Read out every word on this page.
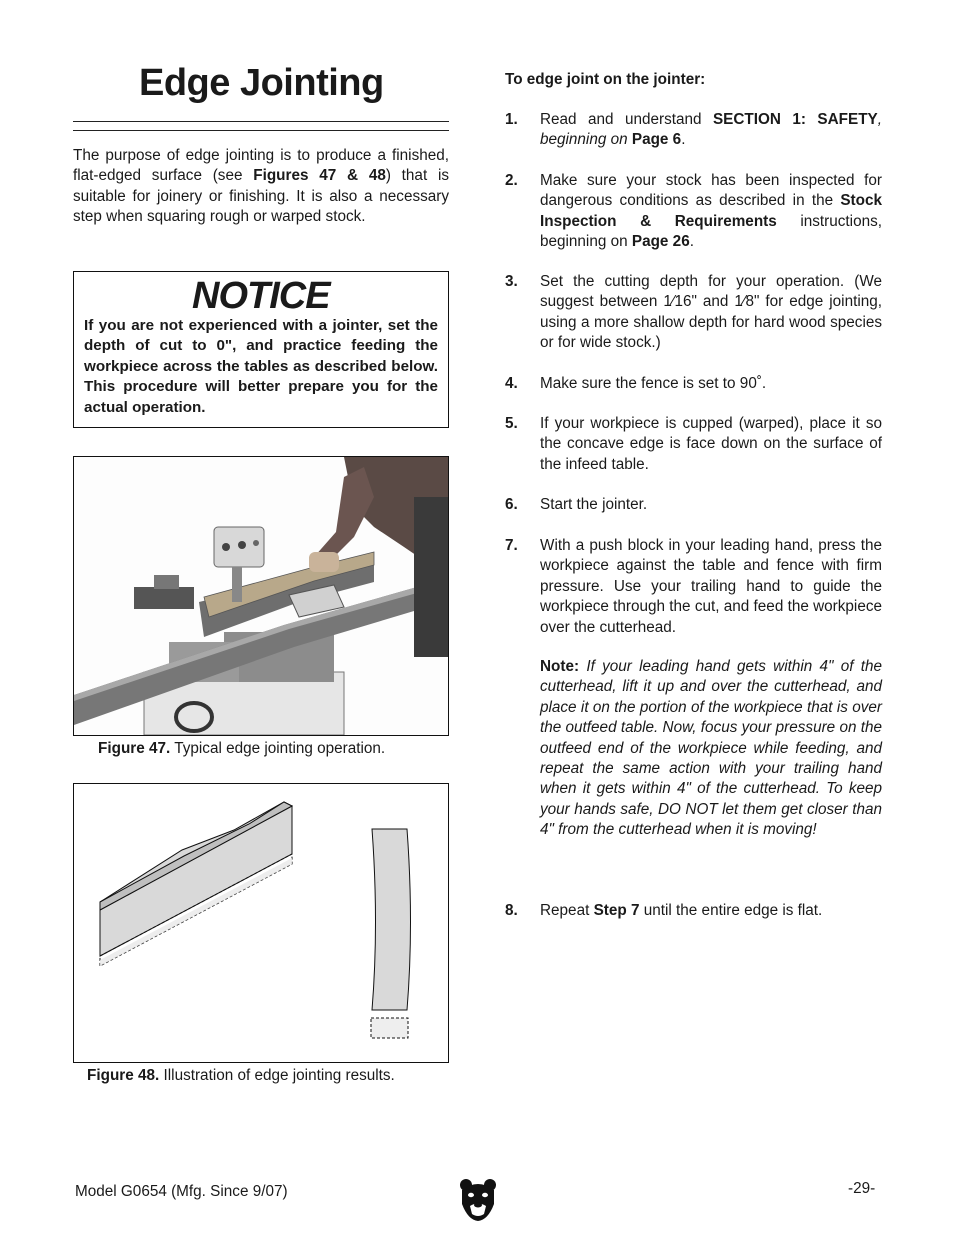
Edge Jointing

The purpose of edge jointing is to produce a finished, flat-edged surface (see Figures 47 & 48) that is suitable for joinery or finishing. It is also a necessary step when squaring rough or warped stock.

NOTICE

If you are not experienced with a jointer, set the depth of cut to 0", and practice feeding the workpiece across the tables as described below. This procedure will better prepare you for the actual operation.

Figure 47. Typical edge jointing operation.
Figure 48. Illustration of edge jointing results.
To edge joint on the jointer:
1. Read and understand SECTION 1: SAFETY, beginning on Page 6.

2. Make sure your stock has been inspected for dangerous conditions as described in the Stock Inspection & Requirements instructions, beginning on Page 26.

3. Set the cutting depth for your operation. (We suggest between 1⁄16" and 1⁄8" for edge jointing, using a more shallow depth for hard wood species or for wide stock.)

4. Make sure the fence is set to 90˚.

5. If your workpiece is cupped (warped), place it so the concave edge is face down on the surface of the infeed table.

6. Start the jointer.

7. With a push block in your leading hand, press the workpiece against the table and fence with firm pressure. Use your trailing hand to guide the workpiece through the cut, and feed the workpiece over the cutterhead.

Note: If your leading hand gets within 4" of the cutterhead, lift it up and over the cutterhead, and place it on the portion of the workpiece that is over the outfeed table. Now, focus your pressure on the outfeed end of the workpiece while feeding, and repeat the same action with your trailing hand when it gets within 4" of the cutterhead. To keep your hands safe, DO NOT let them get closer than 4" from the cutterhead when it is moving!

8. Repeat Step 7 until the entire edge is flat.

Model G0654 (Mfg. Since 9/07)	-29-
